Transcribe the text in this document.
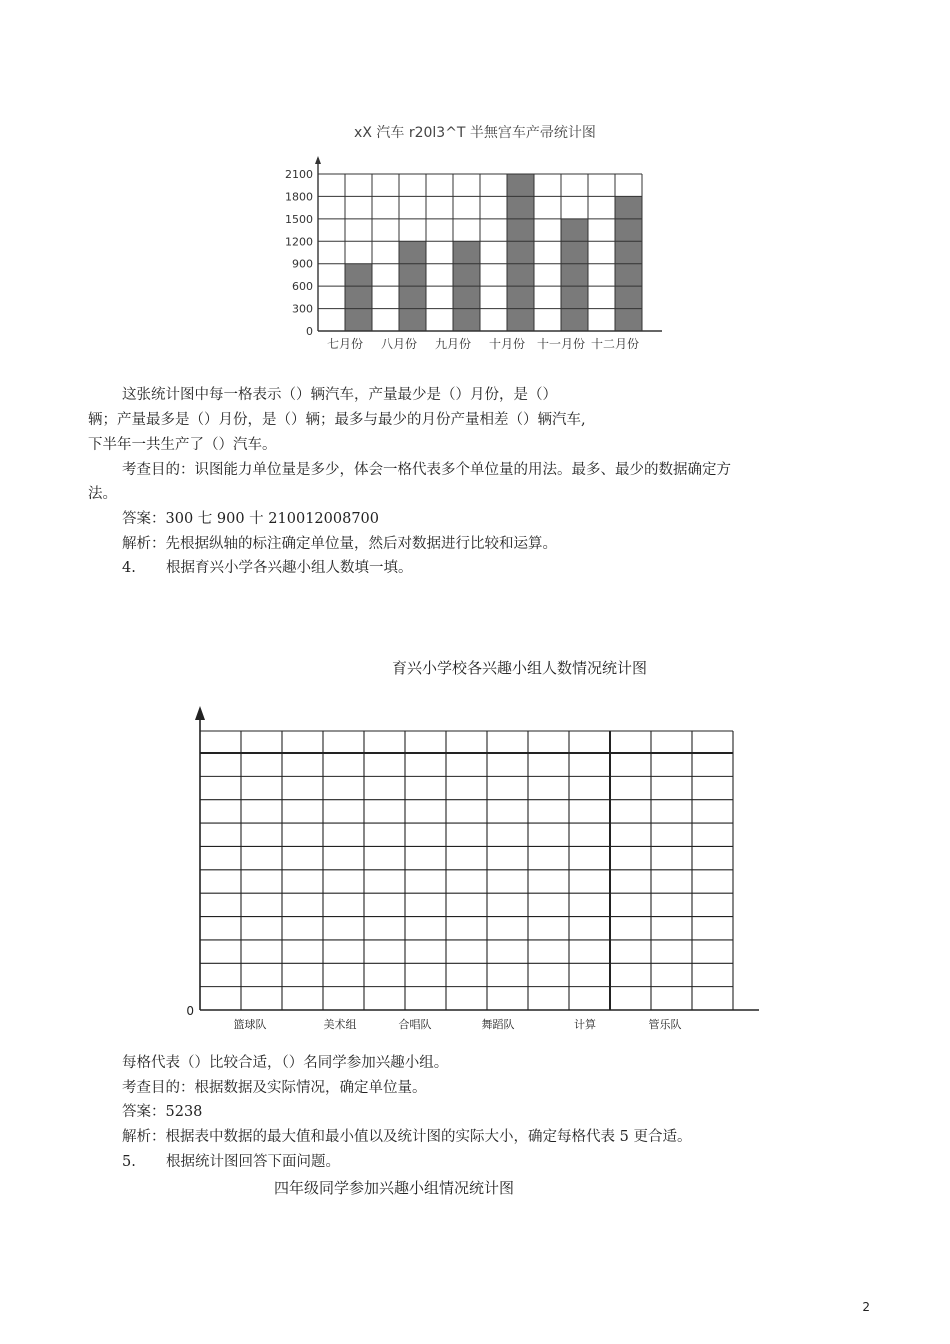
xX 汽车 r20l3^T 半無宫车产帚统计图
0
300
600
900
1200
1500
1800
2100
七月份 八月份 九月份 十月份 十一月份 十二月份
这张统计图中每一格表示（）辆汽车，产量最少是（）月份，是（）
辆；产量最多是（）月份，是（）辆；最多与最少的月份产量相差（）辆汽车,
下半年一共生产了（）汽车。
考查目的：识图能力单位量是多少，体会一格代表多个单位量的用法。最多、最少的数据确定方
法。
答案：300 七 900 十 210012008700
解析：先根据纵轴的标注确定单位量，然后对数据进行比较和运算。
4. 根据育兴小学各兴趣小组人数填一填。
育兴小学校各兴趣小组人数情况统计图
0
篮球队	美术组	合唱队	舞蹈队	计算	管乐队
每格代表（）比较合适，（）名同学参加兴趣小组。
考查目的：根据数据及实际情况，确定单位量。
答案：5238
解析：根据表中数据的最大值和最小值以及统计图的实际大小，确定每格代表 5 更合适。
5. 根据统计图回答下面问题。
四年级同学参加兴趣小组情况统计图
2
